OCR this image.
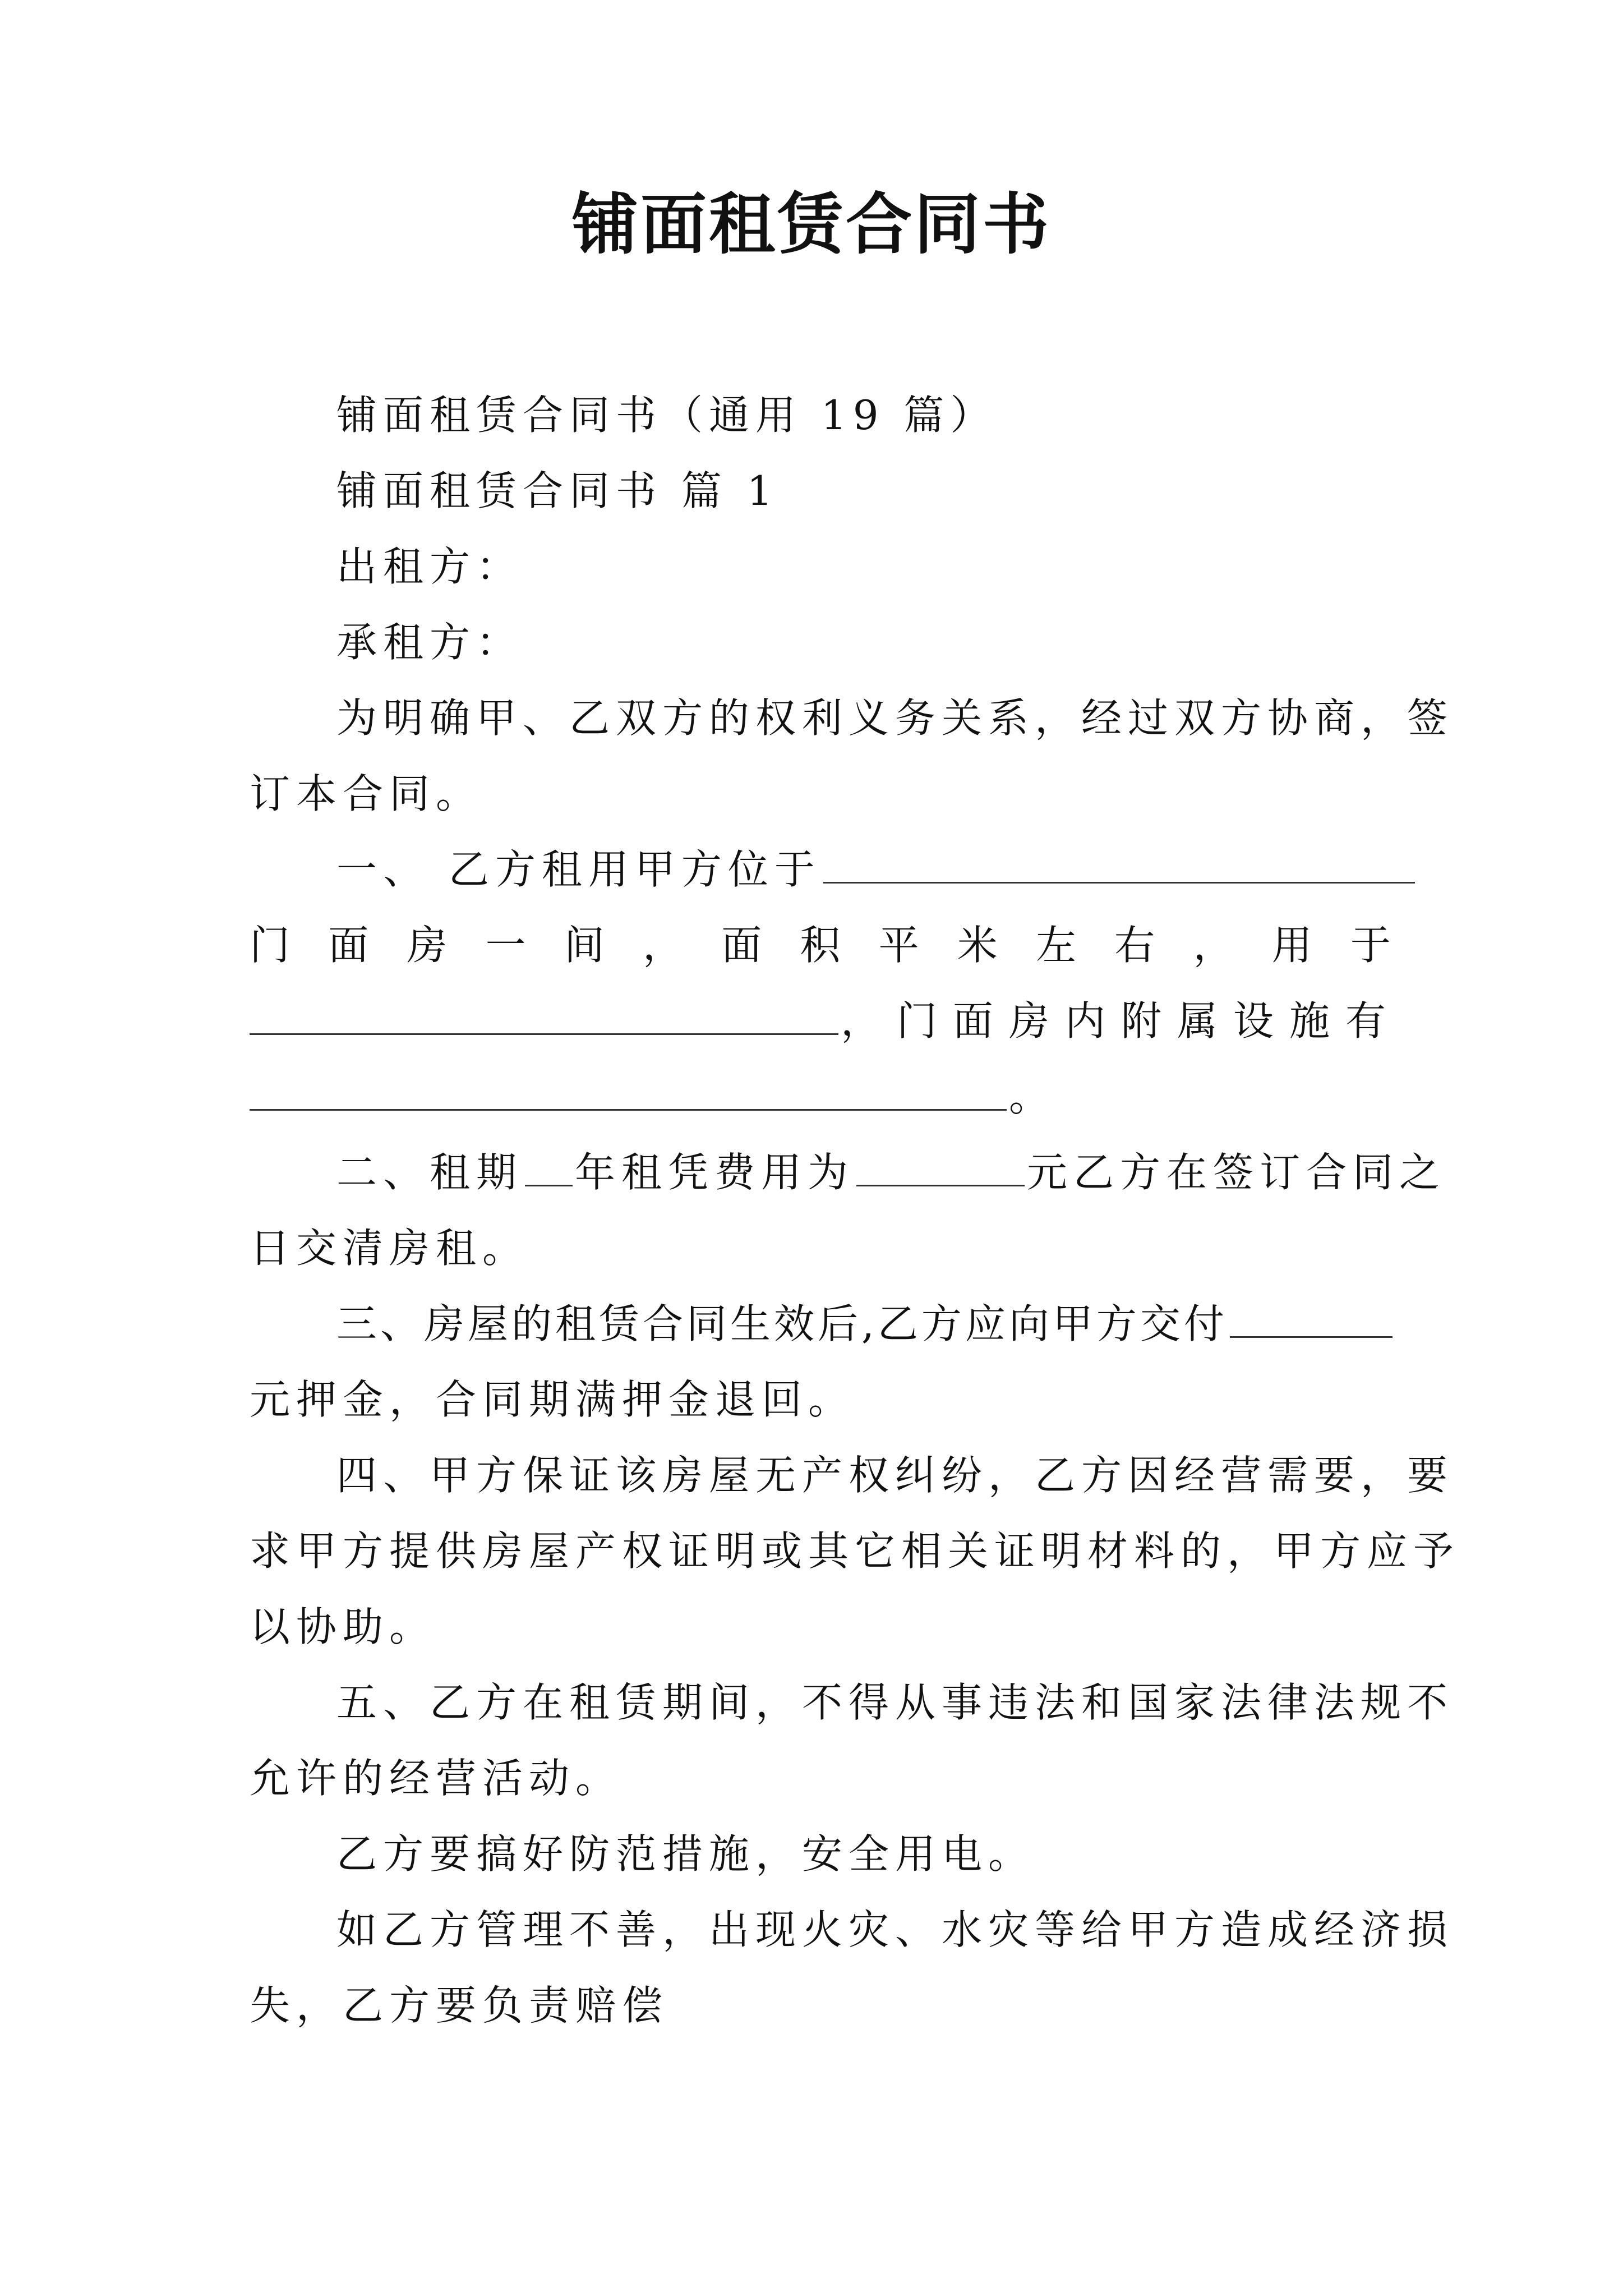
铺面租赁合同书
铺面租赁合同书（通用 19 篇）
铺面租赁合同书 篇 1
出租方：
承租方：
为明确甲、乙双方的权利义务关系，经过双方协商，签
订本合同。
一、 乙方租用甲方位于
门 面 房 一 间 ， 面 积 平 米 左 右 ， 用 于
，门面房内附属设施有
。
二、租期 年租凭费用为	元乙方在签订合同之
日交清房租。
三、房屋的租赁合同生效后,乙方应向甲方交付
元押金，合同期满押金退回。
四、甲方保证该房屋无产权纠纷，乙方因经营需要，要
求甲方提供房屋产权证明或其它相关证明材料的，甲方应予
以协助。
五、乙方在租赁期间，不得从事违法和国家法律法规不
允许的经营活动。
乙方要搞好防范措施，安全用电。
如乙方管理不善，出现火灾、水灾等给甲方造成经济损
失，乙方要负责赔偿
